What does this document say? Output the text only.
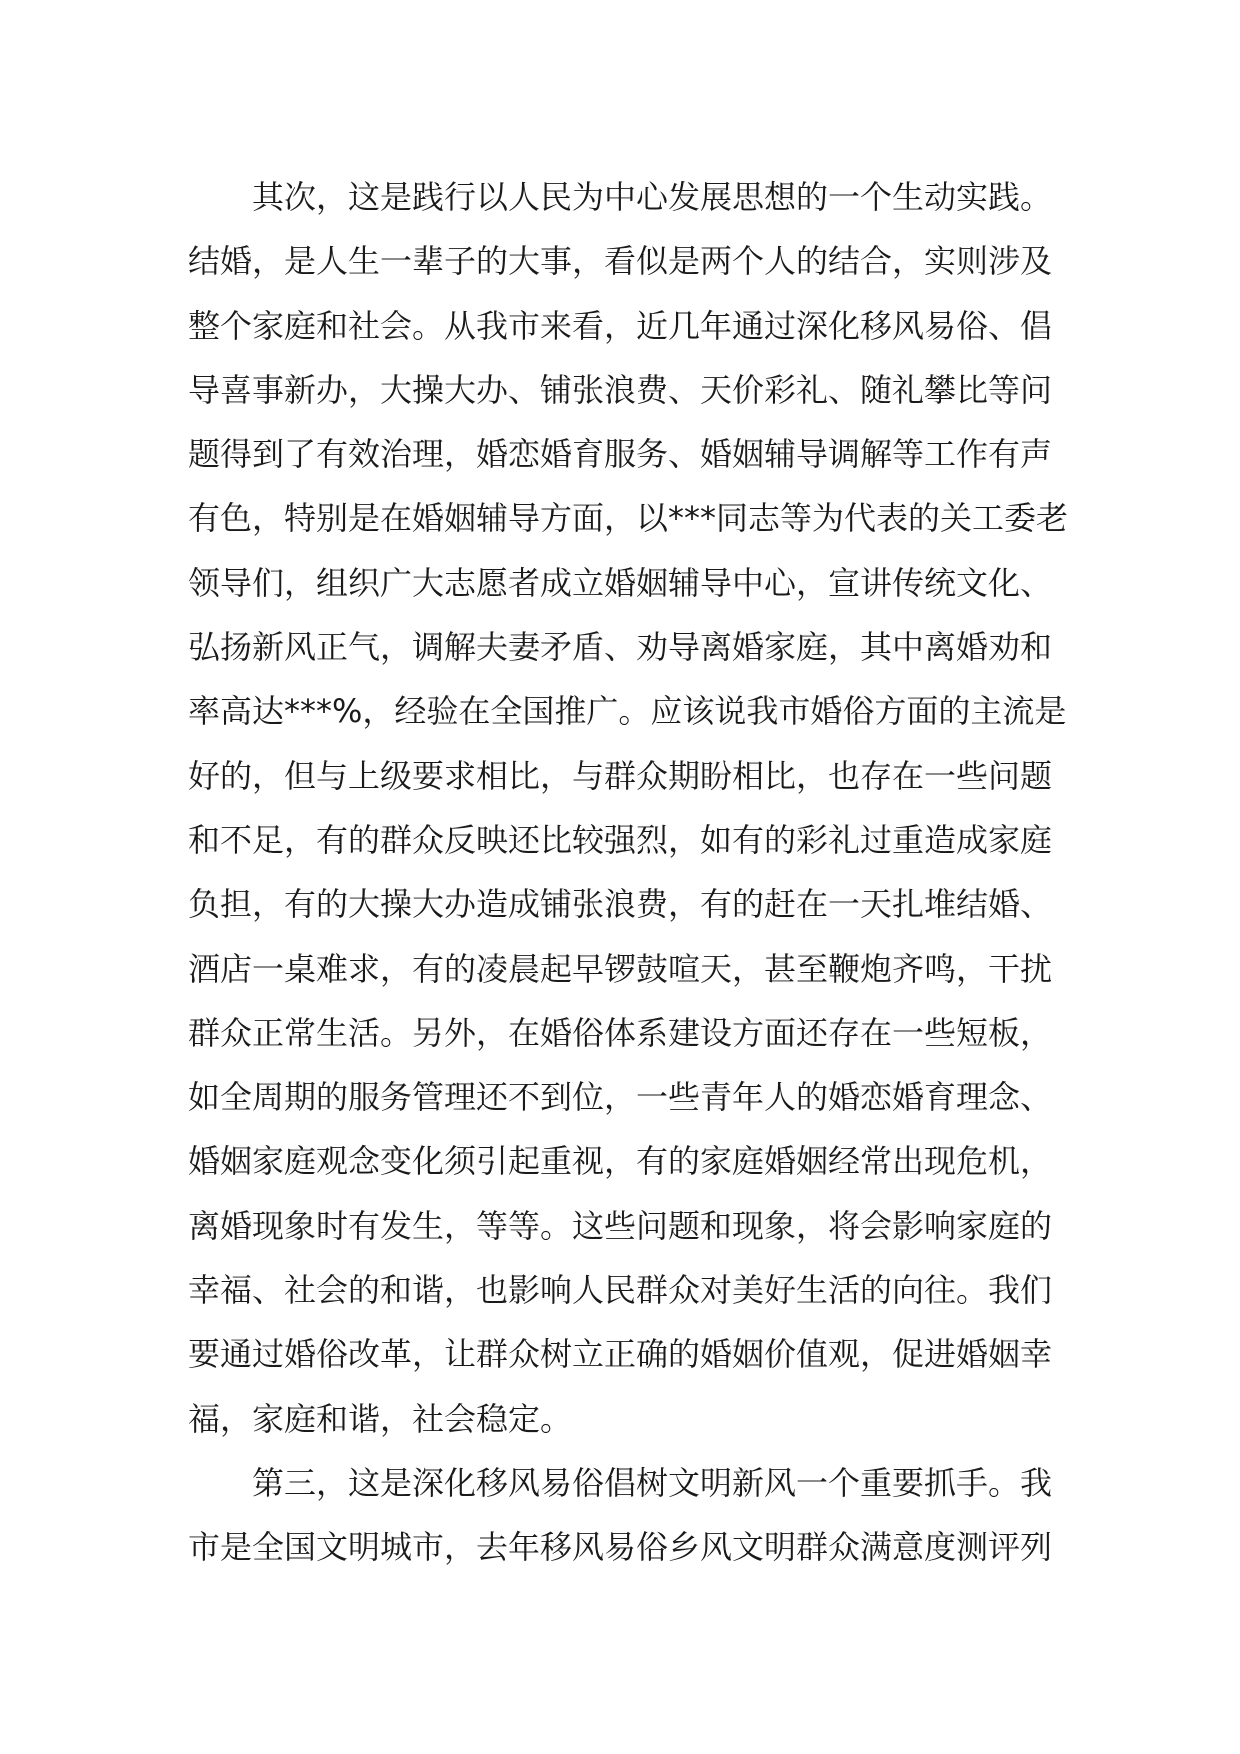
其次，这是践行以人民为中心发展思想的一个生动实践。
结婚，是人生一辈子的大事，看似是两个人的结合，实则涉及
整个家庭和社会。从我市来看，近几年通过深化移风易俗、倡
导喜事新办，大操大办、铺张浪费、天价彩礼、随礼攀比等问
题得到了有效治理，婚恋婚育服务、婚姻辅导调解等工作有声
有色，特别是在婚姻辅导方面，以***同志等为代表的关工委老
领导们，组织广大志愿者成立婚姻辅导中心，宣讲传统文化、
弘扬新风正气，调解夫妻矛盾、劝导离婚家庭，其中离婚劝和
率高达***%，经验在全国推广。应该说我市婚俗方面的主流是
好的，但与上级要求相比，与群众期盼相比，也存在一些问题
和不足，有的群众反映还比较强烈，如有的彩礼过重造成家庭
负担，有的大操大办造成铺张浪费，有的赶在一天扎堆结婚、
酒店一桌难求，有的凌晨起早锣鼓喧天，甚至鞭炮齐鸣，干扰
群众正常生活。另外，在婚俗体系建设方面还存在一些短板，
如全周期的服务管理还不到位，一些青年人的婚恋婚育理念、
婚姻家庭观念变化须引起重视，有的家庭婚姻经常出现危机，
离婚现象时有发生，等等。这些问题和现象，将会影响家庭的
幸福、社会的和谐，也影响人民群众对美好生活的向往。我们
要通过婚俗改革，让群众树立正确的婚姻价值观，促进婚姻幸
福，家庭和谐，社会稳定。
第三，这是深化移风易俗倡树文明新风一个重要抓手。我
市是全国文明城市，去年移风易俗乡风文明群众满意度测评列
